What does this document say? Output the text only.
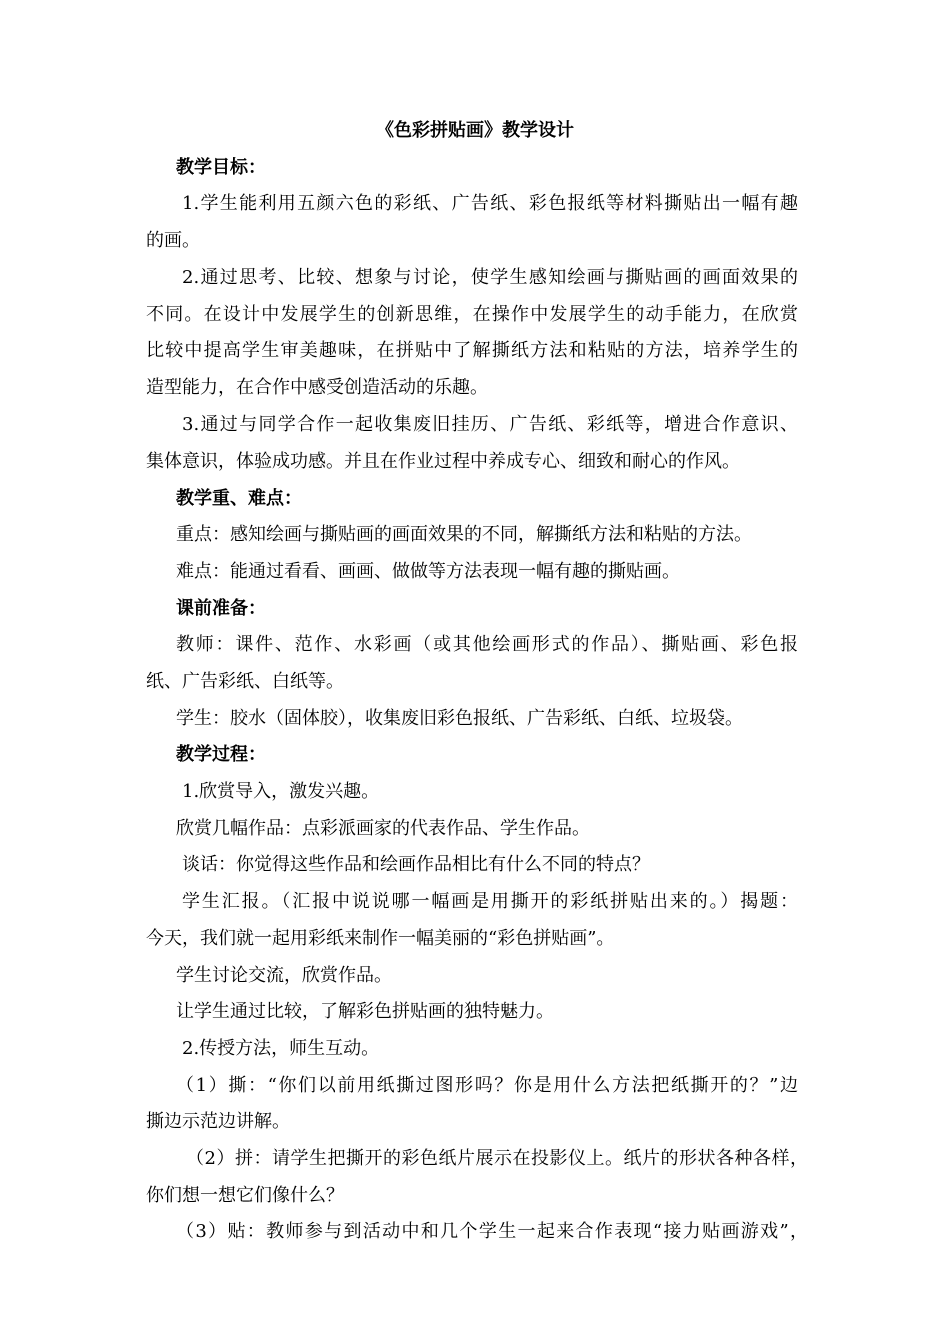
《色彩拼贴画》教学设计
教学目标：
1.学生能利用五颜六色的彩纸、广告纸、彩色报纸等材料撕贴出一幅有趣
的画。
2.通过思考、比较、想象与讨论，使学生感知绘画与撕贴画的画面效果的
不同。在设计中发展学生的创新思维，在操作中发展学生的动手能力，在欣赏
比较中提高学生审美趣味，在拼贴中了解撕纸方法和粘贴的方法，培养学生的
造型能力，在合作中感受创造活动的乐趣。
3.通过与同学合作一起收集废旧挂历、广告纸、彩纸等，增进合作意识、
集体意识，体验成功感。并且在作业过程中养成专心、细致和耐心的作风。
教学重、难点：
重点：感知绘画与撕贴画的画面效果的不同，解撕纸方法和粘贴的方法。
难点：能通过看看、画画、做做等方法表现一幅有趣的撕贴画。
课前准备：
教师：课件、范作、水彩画（或其他绘画形式的作品）、撕贴画、彩色报
纸、广告彩纸、白纸等。
学生：胶水（固体胶），收集废旧彩色报纸、广告彩纸、白纸、垃圾袋。
教学过程：
1.欣赏导入，激发兴趣。
欣赏几幅作品：点彩派画家的代表作品、学生作品。
谈话：你觉得这些作品和绘画作品相比有什么不同的特点？
学生汇报。（汇报中说说哪一幅画是用撕开的彩纸拼贴出来的。）揭题：
今天，我们就一起用彩纸来制作一幅美丽的“彩色拼贴画”。
学生讨论交流，欣赏作品。
让学生通过比较，了解彩色拼贴画的独特魅力。
2.传授方法，师生互动。
（1）撕：“你们以前用纸撕过图形吗？你是用什么方法把纸撕开的？”边
撕边示范边讲解。
（2）拼：请学生把撕开的彩色纸片展示在投影仪上。纸片的形状各种各样，
你们想一想它们像什么？
（3）贴：教师参与到活动中和几个学生一起来合作表现“接力贴画游戏”，
